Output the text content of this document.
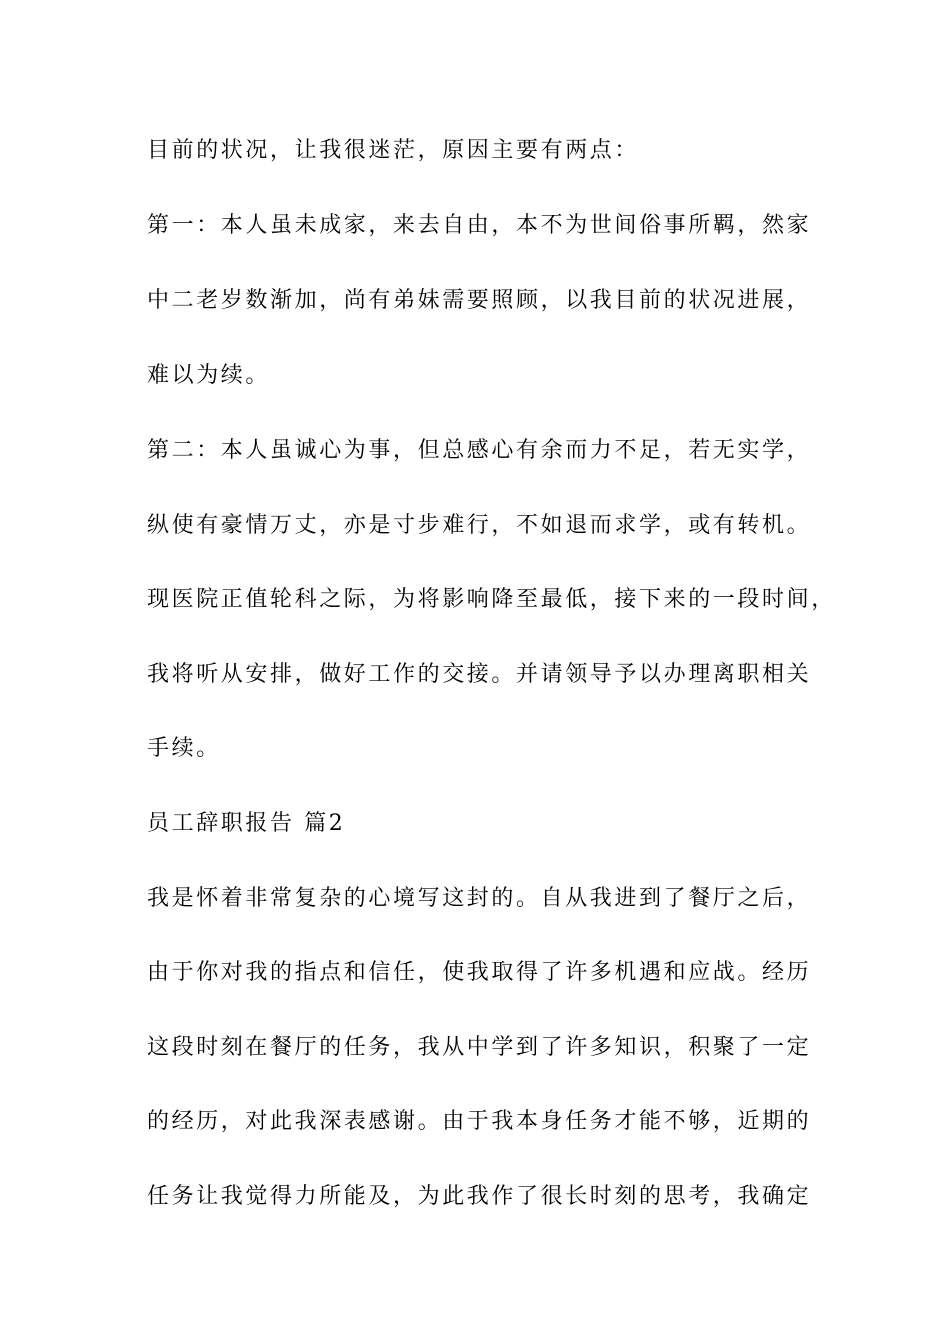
目前的状况，让我很迷茫，原因主要有两点：
第一：本人虽未成家，来去自由，本不为世间俗事所羁，然家
中二老岁数渐加，尚有弟妹需要照顾，以我目前的状况进展，
难以为续。
第二：本人虽诚心为事，但总感心有余而力不足，若无实学，
纵使有豪情万丈，亦是寸步难行，不如退而求学，或有转机。
现医院正值轮科之际，为将影响降至最低，接下来的一段时间，
我将听从安排，做好工作的交接。并请领导予以办理离职相关
手续。
员工辞职报告 篇2
我是怀着非常复杂的心境写这封的。自从我进到了餐厅之后，
由于你对我的指点和信任，使我取得了许多机遇和应战。经历
这段时刻在餐厅的任务，我从中学到了许多知识，积聚了一定
的经历，对此我深表感谢。由于我本身任务才能不够，近期的
任务让我觉得力所能及，为此我作了很长时刻的思考，我确定
